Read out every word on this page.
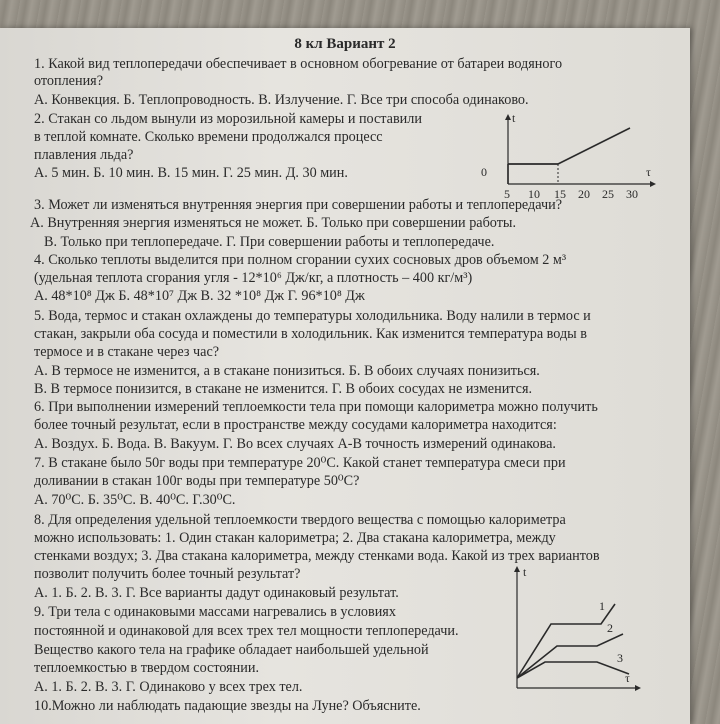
8 кл Вариант 2
1. Какой вид теплопередачи обеспечивает в основном обогревание от батареи водяного
отопления?
А. Конвекция. Б. Теплопроводность. В. Излучение. Г. Все три способа одинаково.
2. Стакан со льдом вынули из морозильной камеры и поставили
в теплой комнате. Сколько времени продолжался процесс
плавления льда?
А. 5 мин. Б. 10 мин. В. 15 мин. Г. 25 мин. Д. 30 мин.
3. Может ли изменяться внутренняя энергия при совершении работы и теплопередачи?
А. Внутренняя энергия изменяться не может. Б. Только при совершении работы.
В. Только при теплопередаче. Г. При совершении работы и теплопередаче.
4. Сколько теплоты выделится при полном сгорании сухих сосновых дров объемом 2 м³
(удельная теплота сгорания угля - 12*10⁶ Дж/кг, а плотность – 400 кг/м³)
А. 48*10⁸ Дж Б. 48*10⁷ Дж В. 32 *10⁸ Дж Г. 96*10⁸ Дж
5. Вода, термос и стакан охлаждены до температуры холодильника. Воду налили в термос и
стакан, закрыли оба сосуда и поместили в холодильник. Как изменится температура воды в
термосе и в стакане через час?
А. В термосе не изменится, а в стакане понизиться. Б. В обоих случаях понизиться.
В. В термосе понизится, в стакане не изменится. Г. В обоих сосудах не изменится.
6. При выполнении измерений теплоемкости тела при помощи калориметра можно получить
более точный результат, если в пространстве между сосудами калориметра находится:
А. Воздух. Б. Вода. В. Вакуум. Г. Во всех случаях А-В точность измерений одинакова.
7. В стакане было 50г воды при температуре 20⁰С. Какой станет температура смеси при
доливании в стакан 100г воды при температуре 50⁰С?
А. 70⁰С. Б. 35⁰С. В. 40⁰С. Г.30⁰С.
8. Для определения удельной теплоемкости твердого вещества с помощью калориметра
можно использовать: 1. Один стакан калориметра; 2. Два стакана калориметра, между
стенками воздух; 3. Два стакана калориметра, между стенками вода. Какой из трех вариантов
позволит получить более точный результат?
А. 1. Б. 2. В. 3. Г. Все варианты дадут одинаковый результат.
9. Три тела с одинаковыми массами нагревались в условиях
постоянной и одинаковой для всех трех тел мощности теплопередачи.
Вещество какого тела на графике обладает наибольшей удельной
теплоемкостью в твердом состоянии.
А. 1. Б. 2. В. 3. Г. Одинаково у всех трех тел.
10.Можно ли наблюдать падающие звезды на Луне? Объясните.
t
τ
0
5 10 15 20 25 30
t
τ
1
2
3
